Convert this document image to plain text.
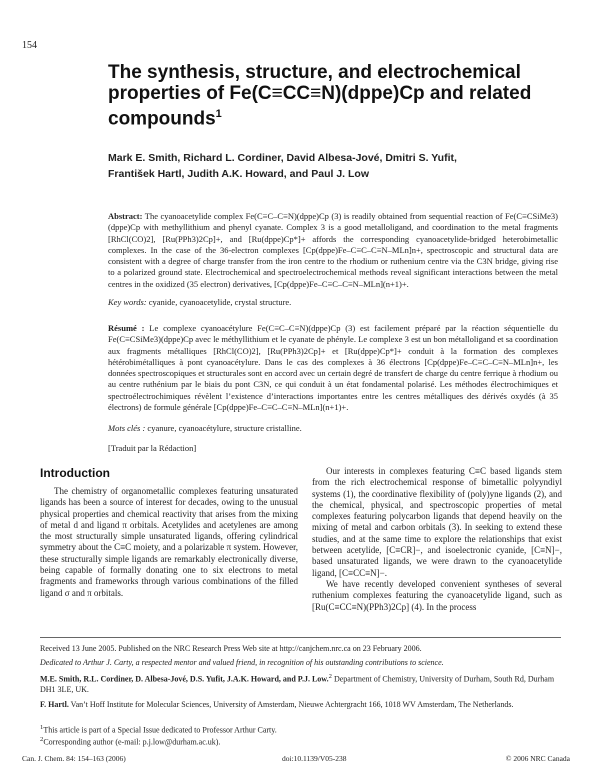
154
The synthesis, structure, and electrochemical properties of Fe(C≡CC≡N)(dppe)Cp and related compounds$^1$
Mark E. Smith, Richard L. Cordiner, David Albesa-Jové, Dmitri S. Yufit,
František Hartl, Judith A.K. Howard, and Paul J. Low

Abstract: The cyanoacetylide complex Fe(C≡C–C≡N)(dppe)Cp (3) is readily obtained from sequential reaction of Fe(C≡CSiMe3)(dppe)Cp with methyllithium and phenyl cyanate. Complex 3 is a good metalloligand, and coordination to the metal fragments [RhCl(CO)2], [Ru(PPh3)2Cp]+, and [Ru(dppe)Cp*]+ affords the corresponding cyanoacetylide-bridged heterobimetallic complexes. In the case of the 36-electron complexes [Cp(dppe)Fe–C≡C–C≡N–MLn]n+, spectroscopic and structural data are consistent with a degree of charge transfer from the iron centre to the rhodium or ruthenium centre via the C3N bridge, giving rise to a polarized ground state. Electrochemical and spectroelectrochemical methods reveal significant interactions between the metal centres in the oxidized (35 electron) derivatives, [Cp(dppe)Fe–C≡C–C≡N–MLn](n+1)+.

Key words: cyanide, cyanoacetylide, crystal structure.

Résumé : Le complexe cyanoacétylure Fe(C≡C–C≡N)(dppe)Cp (3) est facilement préparé par la réaction séquentielle du Fe(C≡CSiMe3)(dppe)Cp avec le méthyllithium et le cyanate de phényle. Le complexe 3 est un bon métalloligand et sa coordination aux fragments métalliques [RhCl(CO)2], [Ru(PPh3)2Cp]+ et [Ru(dppe)Cp*]+ conduit à la formation des complexes hétérobimétalliques à pont cyanoacétylure. Dans le cas des complexes à 36 électrons [Cp(dppe)Fe–C≡C–C≡N–MLn]n+, les données spectroscopiques et structurales sont en accord avec un certain degré de transfert de charge du centre ferrique à rhodium ou au centre ruthénium par le biais du pont C3N, ce qui conduit à un état fondamental polarisé. Les méthodes électrochimiques et spectroélectrochimiques révèlent l’existence d’interactions importantes entre les centres métalliques des dérivés oxydés (à 35 électrons) de formule générale [Cp(dppe)Fe–C≡C–C≡N–MLn](n+1)+.

Mots clés : cyanure, cyanoacétylure, structure cristalline.
[Traduit par la Rédaction]
Introduction

The chemistry of organometallic complexes featuring unsaturated ligands has been a source of interest for decades, owing to the unusual physical properties and chemical reactivity that arises from the mixing of metal d and ligand π orbitals. Acetylides and acetylenes are among the most structurally simple unsaturated ligands, offering cylindrical symmetry about the C≡C moiety, and a polarizable π system. However, these structurally simple ligands are remarkably electronically diverse, being capable of formally donating one to six electrons to metal fragments and frameworks through various combinations of the filled ligand σ and π orbitals.

Our interests in complexes featuring C≡C based ligands stem from the rich electrochemical response of bimetallic polyyndiyl systems (1), the coordinative flexibility of (poly)yne ligands (2), and the chemical, physical, and spectroscopic properties of metal complexes featuring polycarbon ligands that depend heavily on the mixing of metal and carbon orbitals (3). In seeking to extend these studies, and at the same time to explore the relationships that exist between acetylide, [C≡CR]−, and isoelectronic cyanide, [C≡N]−, based unsaturated ligands, we were drawn to the cyanoacetylide ligand, [C≡CC≡N]−.

We have recently developed convenient syntheses of several ruthenium complexes featuring the cyanoacetylide ligand, such as [Ru(C≡CC≡N)(PPh3)2Cp] (4). In the process

Received 13 June 2005. Published on the NRC Research Press Web site at http://canjchem.nrc.ca on 23 February 2006.
Dedicated to Arthur J. Carty, a respected mentor and valued friend, in recognition of his outstanding contributions to science.
M.E. Smith, R.L. Cordiner, D. Albesa-Jové, D.S. Yufit, J.A.K. Howard, and P.J. Low.$^2$ Department of Chemistry, University of Durham, South Rd, Durham DH1 3LE, UK.
F. Hartl. Van’t Hoff Institute for Molecular Sciences, University of Amsterdam, Nieuwe Achtergracht 166, 1018 WV Amsterdam, The Netherlands.
$^1$This article is part of a Special Issue dedicated to Professor Arthur Carty.
$^2$Corresponding author (e-mail: p.j.low@durham.ac.uk).
Can. J. Chem. 84: 154–163 (2006)	doi:10.1139/V05-238	© 2006 NRC Canada
